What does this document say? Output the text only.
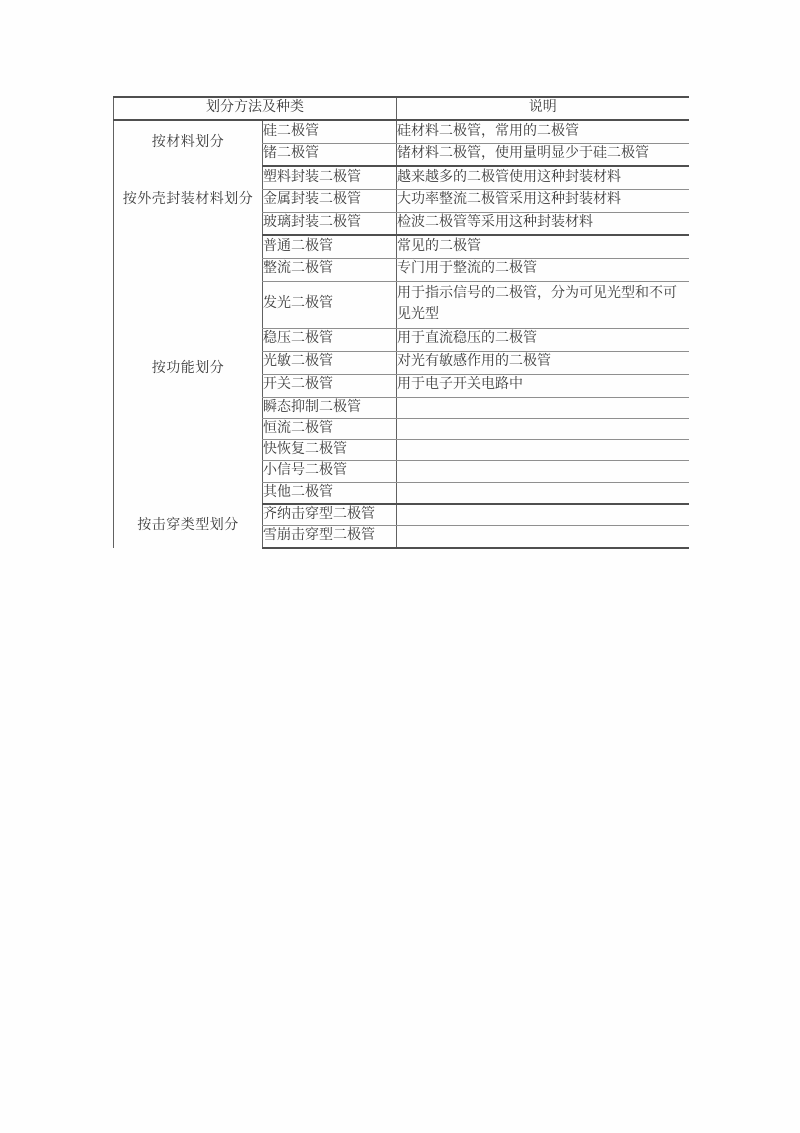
划分方法及种类		说明
按材料划分	硅二极管	硅材料二极管，常用的二极管
	锗二极管	锗材料二极管，使用量明显少于硅二极管
按外壳封装材料划分	塑料封装二极管	越来越多的二极管使用这种封装材料
	金属封装二极管	大功率整流二极管采用这种封装材料
	玻璃封装二极管	检波二极管等采用这种封装材料
按功能划分	普通二极管	常见的二极管
	整流二极管	专门用于整流的二极管
	发光二极管	用于指示信号的二极管，分为可见光型和不可见光型
	稳压二极管	用于直流稳压的二极管
	光敏二极管	对光有敏感作用的二极管
	开关二极管	用于电子开关电路中
	瞬态抑制二极管	
	恒流二极管	
	快恢复二极管	
	小信号二极管	
	其他二极管	
按击穿类型划分	齐纳击穿型二极管	
	雪崩击穿型二极管	
